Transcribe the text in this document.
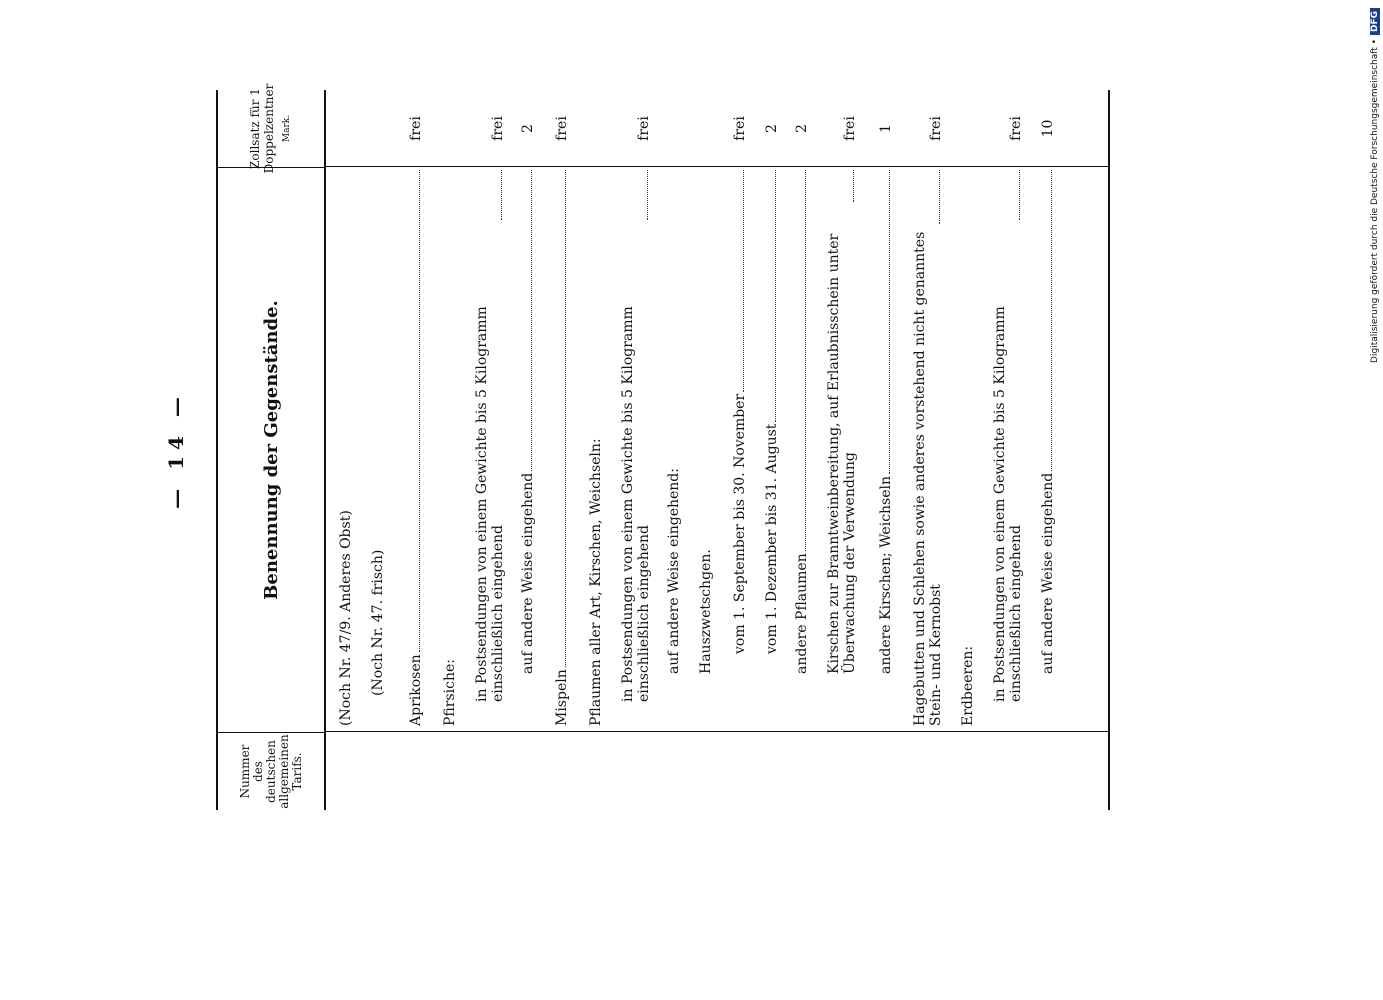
— 14 —
Nummer des deutschen allgemeinen Tarifs.
Benennung der Gegenstände.
Zollsatz für 1 Doppelzentner Mark.
(Noch Nr. 47/9. Anderes Obst) (Noch Nr. 47. frisch) Aprikosen
frei
Pfirsiche: in Postsendungen von einem Gewichte bis 5 Kilogramm einschließlich eingehend
frei
auf andere Weise eingehend
2
Mispeln
frei
Pflaumen aller Art, Kirschen, Weichseln: in Postsendungen von einem Gewichte bis 5 Kilogramm einschließlich eingehend
frei
auf andere Weise eingehend: Hauszwetschgen. vom 1. September bis 30. November
frei
vom 1. Dezember bis 31. August
2
andere Pflaumen
2
Kirschen zur Branntweinbereitung, auf Erlaubnisschein unter Überwachung der Verwendung
frei
andere Kirschen; Weichseln
1
Hagebutten und Schlehen sowie anderes vorstehend nicht genanntes Stein- und Kernobst
frei
Erdbeeren: in Postsendungen von einem Gewichte bis 5 Kilogramm einschließlich eingehend
frei
auf andere Weise eingehend
10	Digitalisierung gefördert durch die Deutsche Forschungsgemeinschaft •
DFG
